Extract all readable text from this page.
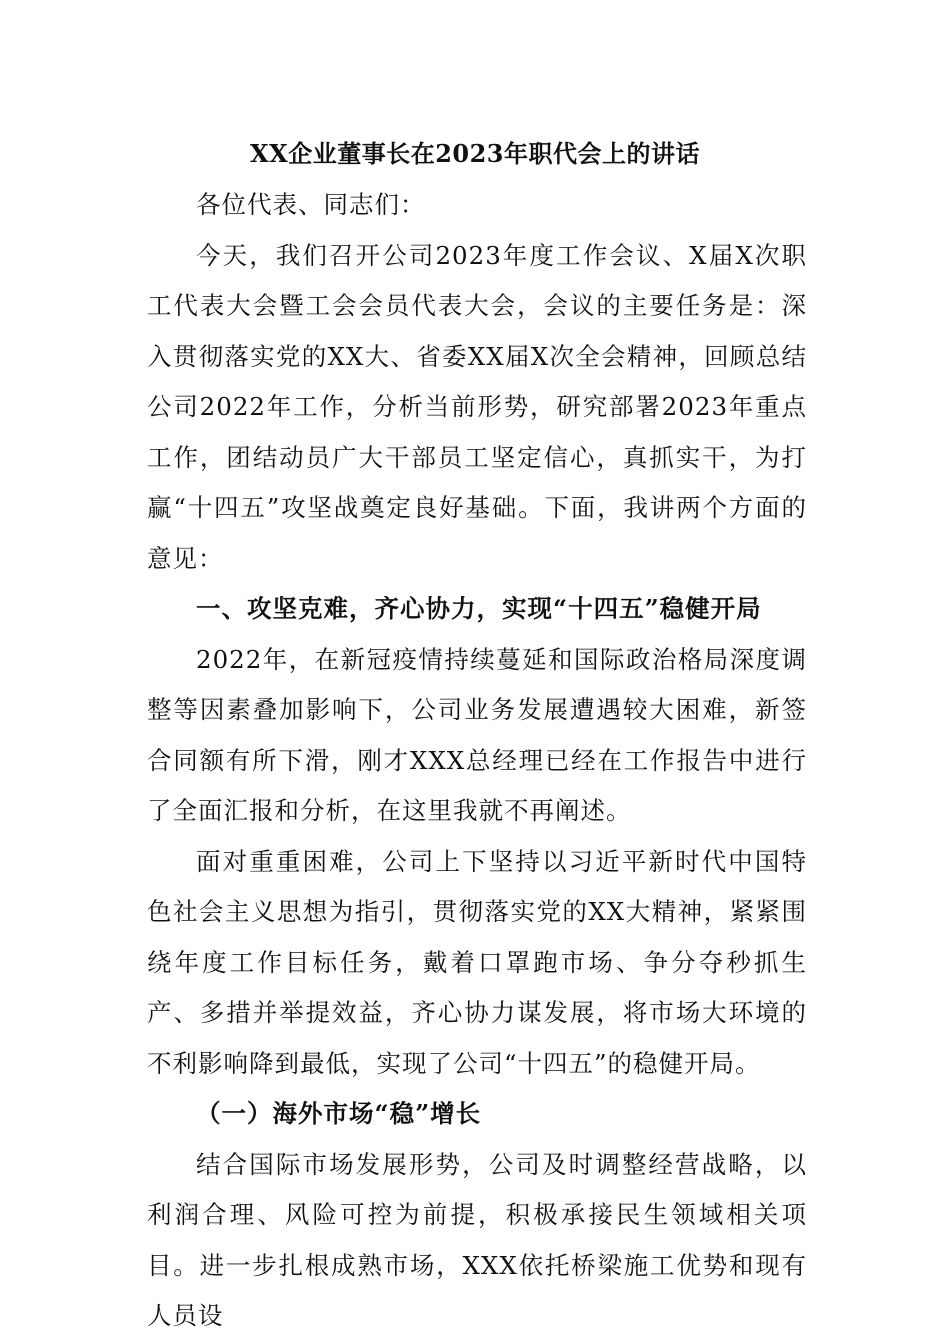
XX企业董事长在2023年职代会上的讲话

各位代表、同志们：

今天，我们召开公司2023年度工作会议、X届X次职工代表大会暨工会会员代表大会，会议的主要任务是：深入贯彻落实党的XX大、省委XX届X次全会精神，回顾总结公司2022年工作，分析当前形势，研究部署2023年重点工作，团结动员广大干部员工坚定信心，真抓实干，为打赢“十四五”攻坚战奠定良好基础。下面，我讲两个方面的意见：

一、攻坚克难，齐心协力，实现“十四五”稳健开局

2022年，在新冠疫情持续蔓延和国际政治格局深度调整等因素叠加影响下，公司业务发展遭遇较大困难，新签合同额有所下滑，刚才XXX总经理已经在工作报告中进行了全面汇报和分析，在这里我就不再阐述。

面对重重困难，公司上下坚持以习近平新时代中国特色社会主义思想为指引，贯彻落实党的XX大精神，紧紧围绕年度工作目标任务，戴着口罩跑市场、争分夺秒抓生产、多措并举提效益，齐心协力谋发展，将市场大环境的不利影响降到最低，实现了公司“十四五”的稳健开局。

（一）海外市场“稳”增长

结合国际市场发展形势，公司及时调整经营战略，以利润合理、风险可控为前提，积极承接民生领域相关项目。进一步扎根成熟市场，XXX依托桥梁施工优势和现有人员设
